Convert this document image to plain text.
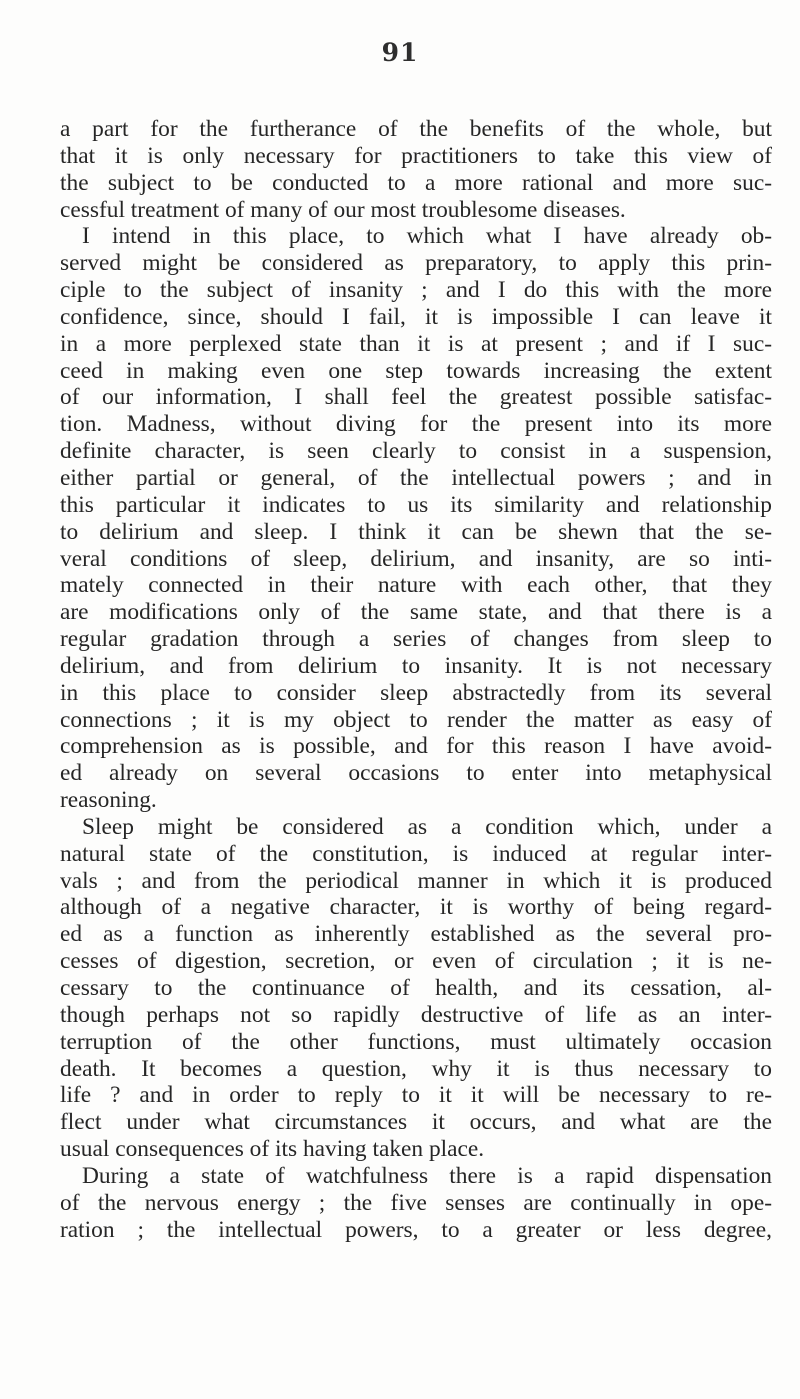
91
a part for the furtherance of the benefits of the whole, but
that it is only necessary for practitioners to take this view of
the subject to be conducted to a more rational and more suc-
cessful treatment of many of our most troublesome diseases.
I intend in this place, to which what I have already ob-
served might be considered as preparatory, to apply this prin-
ciple to the subject of insanity ; and I do this with the more
confidence, since, should I fail, it is impossible I can leave it
in a more perplexed state than it is at present ; and if I suc-
ceed in making even one step towards increasing the extent
of our information, I shall feel the greatest possible satisfac-
tion. Madness, without diving for the present into its more
definite character, is seen clearly to consist in a suspension,
either partial or general, of the intellectual powers ; and in
this particular it indicates to us its similarity and relationship
to delirium and sleep. I think it can be shewn that the se-
veral conditions of sleep, delirium, and insanity, are so inti-
mately connected in their nature with each other, that they
are modifications only of the same state, and that there is a
regular gradation through a series of changes from sleep to
delirium, and from delirium to insanity. It is not necessary
in this place to consider sleep abstractedly from its several
connections ; it is my object to render the matter as easy of
comprehension as is possible, and for this reason I have avoid-
ed already on several occasions to enter into metaphysical
reasoning.
Sleep might be considered as a condition which, under a
natural state of the constitution, is induced at regular inter-
vals ; and from the periodical manner in which it is produced
although of a negative character, it is worthy of being regard-
ed as a function as inherently established as the several pro-
cesses of digestion, secretion, or even of circulation ; it is ne-
cessary to the continuance of health, and its cessation, al-
though perhaps not so rapidly destructive of life as an inter-
terruption of the other functions, must ultimately occasion
death. It becomes a question, why it is thus necessary to
life ? and in order to reply to it it will be necessary to re-
flect under what circumstances it occurs, and what are the
usual consequences of its having taken place.
During a state of watchfulness there is a rapid dispensation
of the nervous energy ; the five senses are continually in ope-
ration ; the intellectual powers, to a greater or less degree,
